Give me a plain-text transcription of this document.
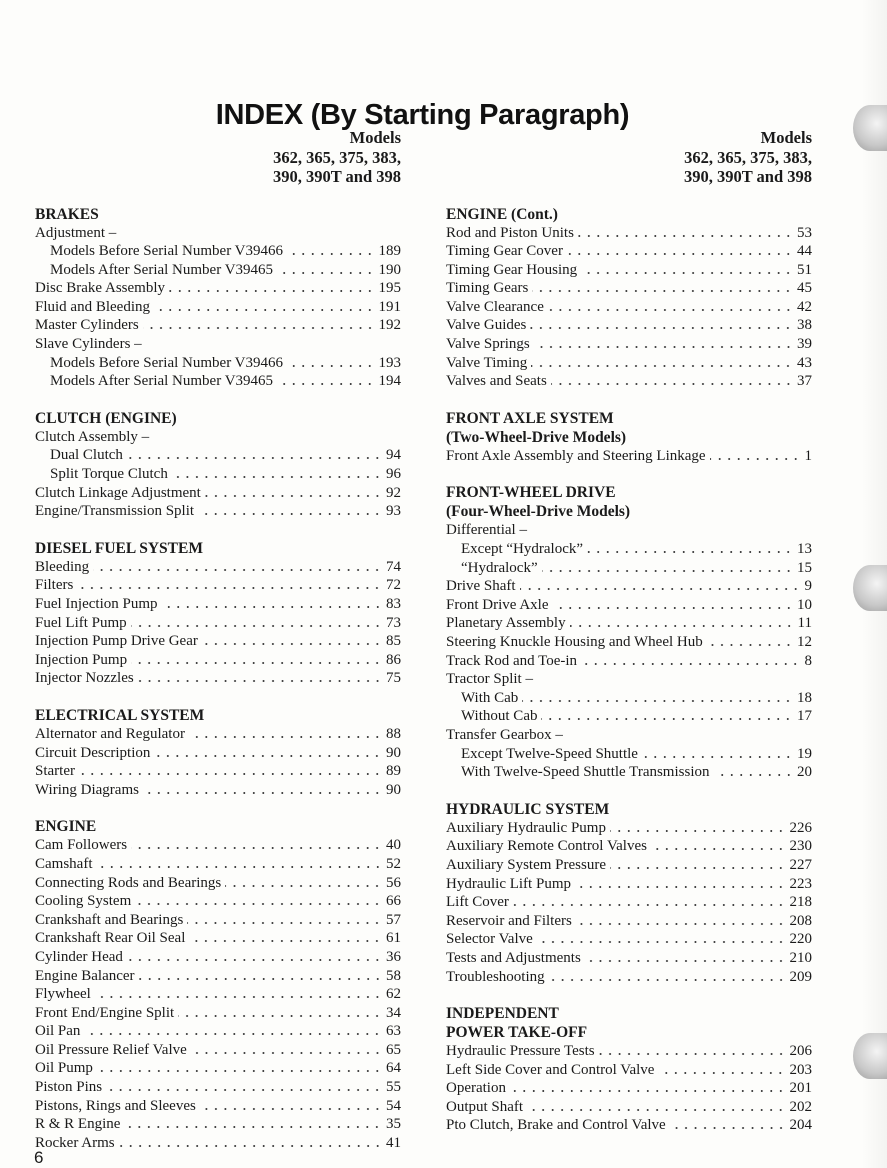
INDEX (By Starting Paragraph)
Models
362, 365, 375, 383,
390, 390T and 398
BRAKES
Adjustment –
Models Before Serial Number V39466	189
Models After Serial Number V39465	190
Disc Brake Assembly	195
Fluid and Bleeding	191
Master Cylinders	192
Slave Cylinders –
Models Before Serial Number V39466	193
Models After Serial Number V39465	194
CLUTCH (ENGINE)
Clutch Assembly –
Dual Clutch	94
Split Torque Clutch	96
Clutch Linkage Adjustment	92
Engine/Transmission Split	93
DIESEL FUEL SYSTEM
Bleeding	74
Filters	72
Fuel Injection Pump	83
Fuel Lift Pump	73
Injection Pump Drive Gear	85
Injection Pump	86
Injector Nozzles	75
ELECTRICAL SYSTEM
Alternator and Regulator	88
Circuit Description	90
Starter	89
Wiring Diagrams	90
ENGINE
Cam Followers	40
Camshaft	52
Connecting Rods and Bearings	56
Cooling System	66
Crankshaft and Bearings	57
Crankshaft Rear Oil Seal	61
Cylinder Head	36
Engine Balancer	58
Flywheel	62
Front End/Engine Split	34
Oil Pan	63
Oil Pressure Relief Valve	65
Oil Pump	64
Piston Pins	55
Pistons, Rings and Sleeves	54
R & R Engine	35
Rocker Arms	41
Models
362, 365, 375, 383,
390, 390T and 398
ENGINE (Cont.)
Rod and Piston Units	53
Timing Gear Cover	44
Timing Gear Housing	51
Timing Gears	45
Valve Clearance	42
Valve Guides	38
Valve Springs	39
Valve Timing	43
Valves and Seats	37
FRONT AXLE SYSTEM
(Two-Wheel-Drive Models)
Front Axle Assembly and Steering Linkage	1
FRONT-WHEEL DRIVE
(Four-Wheel-Drive Models)
Differential –
Except “Hydralock”	13
“Hydralock”	15
Drive Shaft	9
Front Drive Axle	10
Planetary Assembly	11
Steering Knuckle Housing and Wheel Hub	12
Track Rod and Toe-in	8
Tractor Split –
With Cab	18
Without Cab	17
Transfer Gearbox –
Except Twelve-Speed Shuttle	19
With Twelve-Speed Shuttle Transmission	20
HYDRAULIC SYSTEM
Auxiliary Hydraulic Pump	226
Auxiliary Remote Control Valves	230
Auxiliary System Pressure	227
Hydraulic Lift Pump	223
Lift Cover	218
Reservoir and Filters	208
Selector Valve	220
Tests and Adjustments	210
Troubleshooting	209
INDEPENDENT
POWER TAKE-OFF
Hydraulic Pressure Tests	206
Left Side Cover and Control Valve	203
Operation	201
Output Shaft	202
Pto Clutch, Brake and Control Valve	204
6
